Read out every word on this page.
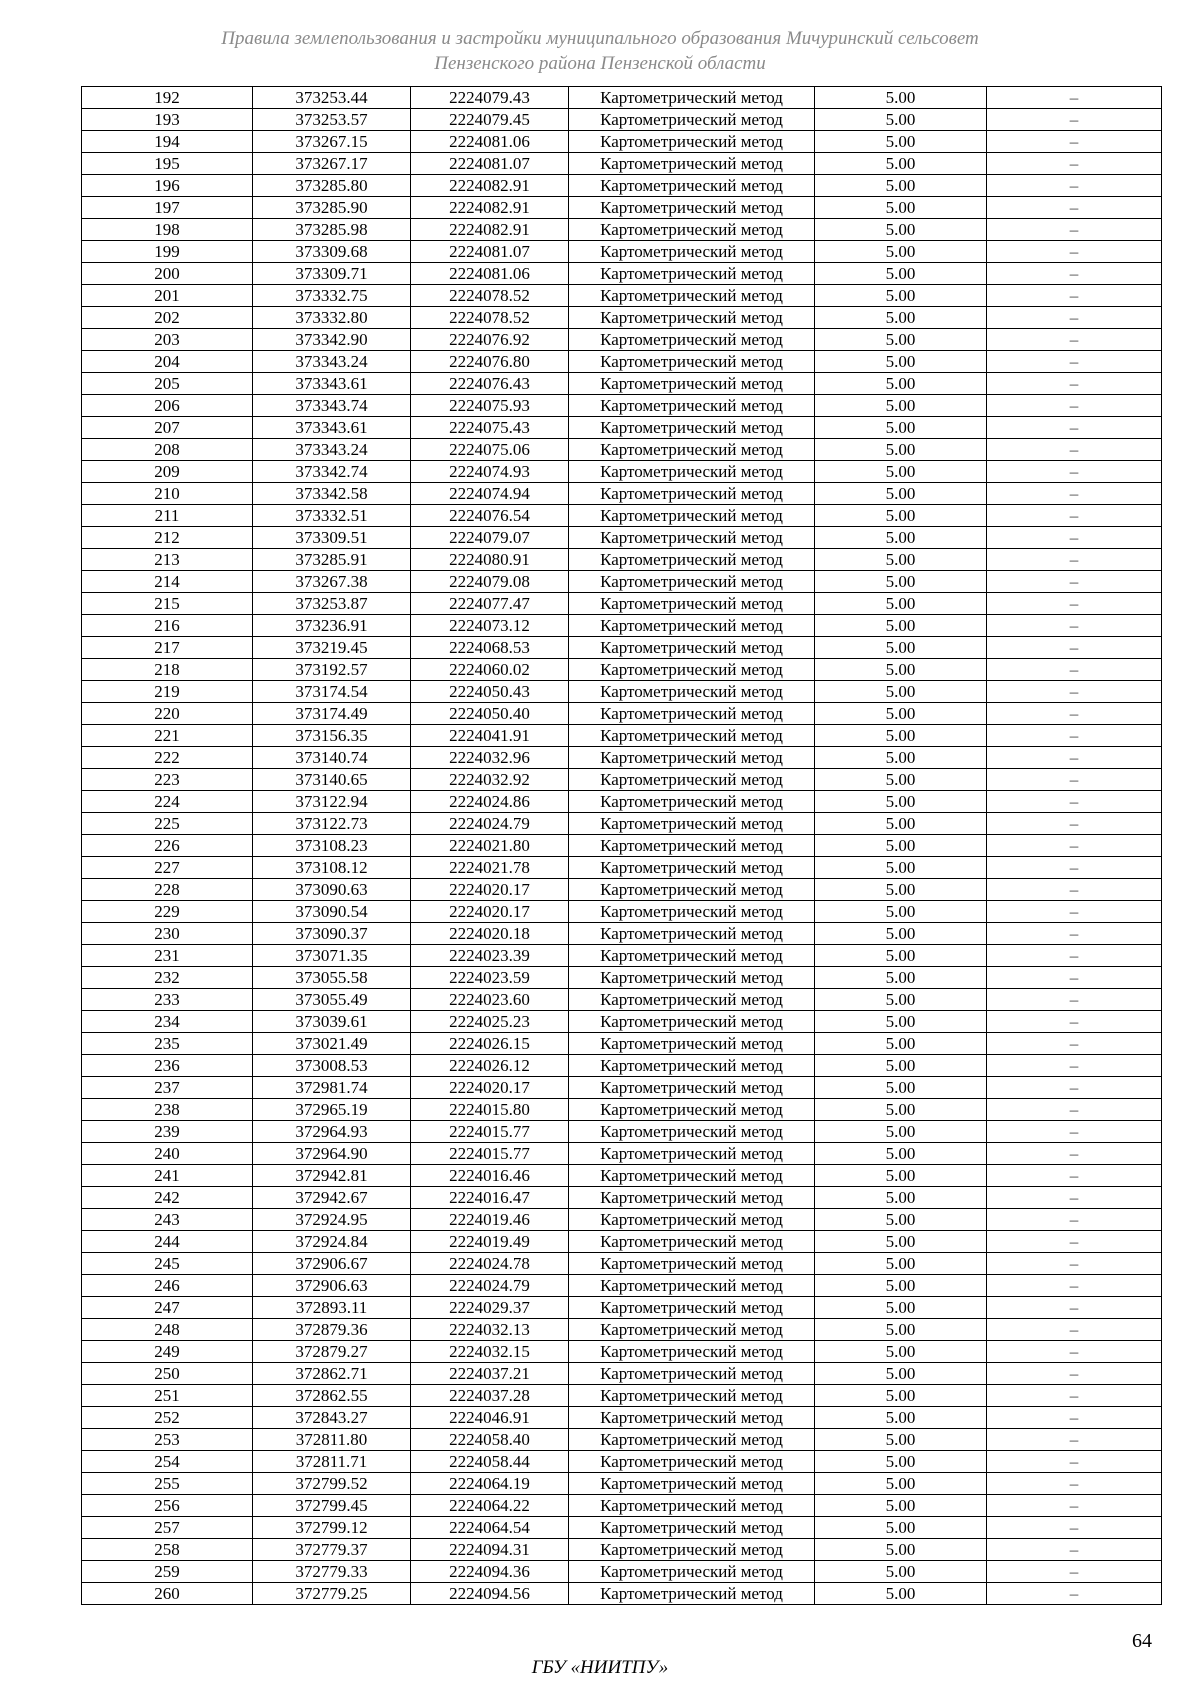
Правила землепользования и застройки муниципального образования Мичуринский сельсовет
Пензенского района Пензенской области
192	373253.44	2224079.43	Картометрический метод	5.00	–
193	373253.57	2224079.45	Картометрический метод	5.00	–
194	373267.15	2224081.06	Картометрический метод	5.00	–
195	373267.17	2224081.07	Картометрический метод	5.00	–
196	373285.80	2224082.91	Картометрический метод	5.00	–
197	373285.90	2224082.91	Картометрический метод	5.00	–
198	373285.98	2224082.91	Картометрический метод	5.00	–
199	373309.68	2224081.07	Картометрический метод	5.00	–
200	373309.71	2224081.06	Картометрический метод	5.00	–
201	373332.75	2224078.52	Картометрический метод	5.00	–
202	373332.80	2224078.52	Картометрический метод	5.00	–
203	373342.90	2224076.92	Картометрический метод	5.00	–
204	373343.24	2224076.80	Картометрический метод	5.00	–
205	373343.61	2224076.43	Картометрический метод	5.00	–
206	373343.74	2224075.93	Картометрический метод	5.00	–
207	373343.61	2224075.43	Картометрический метод	5.00	–
208	373343.24	2224075.06	Картометрический метод	5.00	–
209	373342.74	2224074.93	Картометрический метод	5.00	–
210	373342.58	2224074.94	Картометрический метод	5.00	–
211	373332.51	2224076.54	Картометрический метод	5.00	–
212	373309.51	2224079.07	Картометрический метод	5.00	–
213	373285.91	2224080.91	Картометрический метод	5.00	–
214	373267.38	2224079.08	Картометрический метод	5.00	–
215	373253.87	2224077.47	Картометрический метод	5.00	–
216	373236.91	2224073.12	Картометрический метод	5.00	–
217	373219.45	2224068.53	Картометрический метод	5.00	–
218	373192.57	2224060.02	Картометрический метод	5.00	–
219	373174.54	2224050.43	Картометрический метод	5.00	–
220	373174.49	2224050.40	Картометрический метод	5.00	–
221	373156.35	2224041.91	Картометрический метод	5.00	–
222	373140.74	2224032.96	Картометрический метод	5.00	–
223	373140.65	2224032.92	Картометрический метод	5.00	–
224	373122.94	2224024.86	Картометрический метод	5.00	–
225	373122.73	2224024.79	Картометрический метод	5.00	–
226	373108.23	2224021.80	Картометрический метод	5.00	–
227	373108.12	2224021.78	Картометрический метод	5.00	–
228	373090.63	2224020.17	Картометрический метод	5.00	–
229	373090.54	2224020.17	Картометрический метод	5.00	–
230	373090.37	2224020.18	Картометрический метод	5.00	–
231	373071.35	2224023.39	Картометрический метод	5.00	–
232	373055.58	2224023.59	Картометрический метод	5.00	–
233	373055.49	2224023.60	Картометрический метод	5.00	–
234	373039.61	2224025.23	Картометрический метод	5.00	–
235	373021.49	2224026.15	Картометрический метод	5.00	–
236	373008.53	2224026.12	Картометрический метод	5.00	–
237	372981.74	2224020.17	Картометрический метод	5.00	–
238	372965.19	2224015.80	Картометрический метод	5.00	–
239	372964.93	2224015.77	Картометрический метод	5.00	–
240	372964.90	2224015.77	Картометрический метод	5.00	–
241	372942.81	2224016.46	Картометрический метод	5.00	–
242	372942.67	2224016.47	Картометрический метод	5.00	–
243	372924.95	2224019.46	Картометрический метод	5.00	–
244	372924.84	2224019.49	Картометрический метод	5.00	–
245	372906.67	2224024.78	Картометрический метод	5.00	–
246	372906.63	2224024.79	Картометрический метод	5.00	–
247	372893.11	2224029.37	Картометрический метод	5.00	–
248	372879.36	2224032.13	Картометрический метод	5.00	–
249	372879.27	2224032.15	Картометрический метод	5.00	–
250	372862.71	2224037.21	Картометрический метод	5.00	–
251	372862.55	2224037.28	Картометрический метод	5.00	–
252	372843.27	2224046.91	Картометрический метод	5.00	–
253	372811.80	2224058.40	Картометрический метод	5.00	–
254	372811.71	2224058.44	Картометрический метод	5.00	–
255	372799.52	2224064.19	Картометрический метод	5.00	–
256	372799.45	2224064.22	Картометрический метод	5.00	–
257	372799.12	2224064.54	Картометрический метод	5.00	–
258	372779.37	2224094.31	Картометрический метод	5.00	–
259	372779.33	2224094.36	Картометрический метод	5.00	–
260	372779.25	2224094.56	Картометрический метод	5.00	–
64
ГБУ «НИИТПУ»
